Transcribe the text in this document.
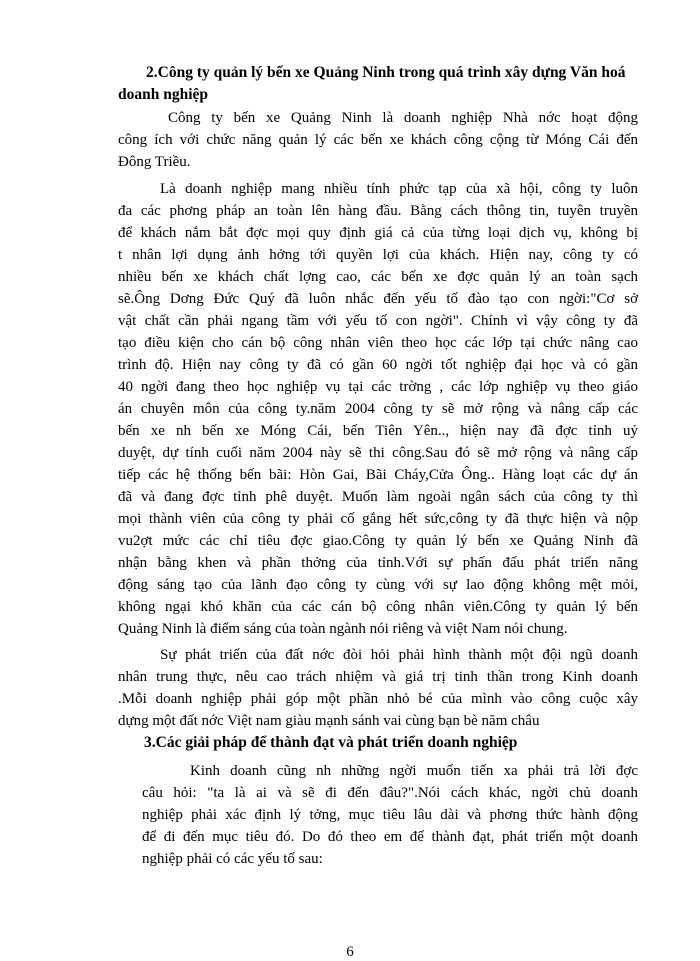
2.Công ty quản lý bến xe Quảng Ninh trong quá trình xây dựng Văn hoá doanh nghiệp

Công ty bến xe Quảng Ninh là doanh nghiệp Nhà nớc hoạt động

công ích với chức năng quản lý các bến xe khách công cộng từ Móng Cái đến

Đông Triều.

Là doanh nghiệp mang nhiều tính phức tạp của xã hội, công ty luôn

đa các phơng pháp an toàn lên hàng đầu. Bằng cách thông tin, tuyên truyền

để khách nắm bắt đợc mọi quy định giá cả của từng loại dịch vụ, không bị

t nhân lợi dụng ảnh hởng tới quyền lợi của khách. Hiện nay, công ty có

nhiều bến xe khách chất lợng cao, các bến xe đợc quản lý an toàn sạch

sẽ.Ông Dơng Đức Quý đã luôn nhắc đến yếu tố đào tạo con ngời:"Cơ sở

vật chất cần phải ngang tầm với yếu tố con ngời". Chính vì vậy công ty đã

tạo điều kiện cho cán bộ công nhân viên theo học các lớp tại chức nâng cao

trình độ. Hiện nay công ty đã có gần 60 ngời tốt nghiệp đại học và có gần

40 ngời đang theo học nghiệp vụ tại các trờng , các lớp nghiệp vụ theo giáo

án chuyên môn của công ty.năm 2004 công ty sẽ mở rộng và nâng cấp các

bến xe nh bến xe Móng Cái, bến Tiên Yên.., hiện nay đã đợc tỉnh uỷ

duyệt, dự tính cuối năm 2004 này sẽ thi công.Sau đó sẽ mở rộng và nâng cấp

tiếp các hệ thống bến bãi: Hòn Gai, Bãi Cháy,Cửa Ông.. Hàng loạt các dự án

đã và đang đợc tỉnh phê duyệt. Muốn làm ngoài ngân sách của công ty thì

mọi thành viên của công ty phải cố gắng hết sức,công ty đã thực hiện và nộp

vu2ợt mức các chỉ tiêu đợc giao.Công ty quản lý bến xe Quảng Ninh đã

nhận bằng khen và phần thởng của tỉnh.Với sự phấn đấu phát triển năng

động sáng tạo của lãnh đạo công ty cùng với sự lao động không mệt mỏi,

không ngại khó khăn của các cán bộ công nhân viên.Công ty quản lý bến

Quảng Ninh là điểm sáng của toàn ngành nói riêng và việt Nam nói chung.

Sự phát triển của đất nớc đòi hỏi phải hình thành một đội ngũ doanh

nhân trung thực, nêu cao trách nhiệm và giá trị tinh thần trong Kinh doanh

.Mỗi doanh nghiệp phải góp một phần nhỏ bé của mình vào công cuộc xây

dựng một đất nớc Việt nam giàu mạnh sánh vai cùng bạn bè năm châu

3.Các giải pháp để thành đạt và phát triển doanh nghiệp

Kinh doanh cũng nh những ngời muốn tiến xa phải trả lời đợc

câu hỏi: "ta là ai và sẽ đi đến đâu?".Nói cách khác, ngời chủ doanh

nghiệp phải xác định lý tởng, mục tiêu lâu dài và phơng thức hành động

để đi đến mục tiêu đó. Do đó theo em để thành đạt, phát triển một doanh

nghiệp phải có các yếu tố sau:

6
